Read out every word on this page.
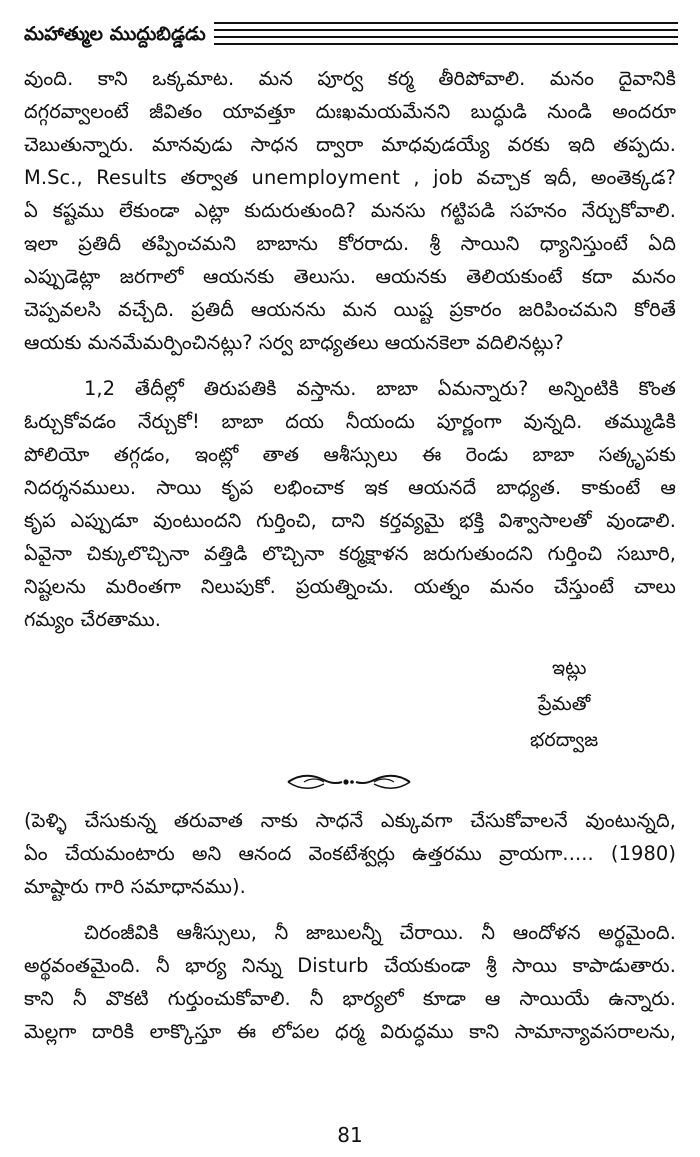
మహాత్ముల ముద్దుబిడ్డడు

వుంది. కాని ఒక్కమాట. మన పూర్వ కర్మ తీరిపోవాలి. మనం దైవానికి
దగ్గరవ్వాలంటే జీవితం యావత్తూ దుఃఖమయమేనని బుద్ధుడి నుండి అందరూ
చెబుతున్నారు. మానవుడు సాధన ద్వారా మాధవుడయ్యే వరకు ఇది తప్పదు.
M.Sc., Results తర్వాత unemployment , job వచ్చాక ఇదీ, అంతెక్కడ?
ఏ కష్టము లేకుండా ఎట్లా కుదురుతుంది? మనసు గట్టిపడి సహనం నేర్చుకోవాలి.
ఇలా ప్రతిదీ తప్పించమని బాబాను కోరరాదు. శ్రీ సాయిని ధ్యానిస్తుంటే ఏది
ఎప్పుడెట్లా జరగాలో ఆయనకు తెలుసు. ఆయనకు తెలియకుంటే కదా మనం
చెప్పవలసి వచ్చేది. ప్రతిదీ ఆయనను మన యిష్ట ప్రకారం జరిపించమని కోరితే
ఆయకు మనమేమర్పించినట్లు? సర్వ బాధ్యతలు ఆయనకెలా వదిలినట్లు?

1,2 తేదీల్లో తిరుపతికి వస్తాను. బాబా ఏమన్నారు? అన్నింటికి కొంత
ఓర్చుకోవడం నేర్చుకో! బాబా దయ నీయందు పూర్ణంగా వున్నది. తమ్ముడికి
పోలియో తగ్గడం, ఇంట్లో తాత ఆశీస్సులు ఈ రెండు బాబా సత్కృపకు
నిదర్శనములు. సాయి కృప లభించాక ఇక ఆయనదే బాధ్యత. కాకుంటే ఆ
కృప ఎప్పుడూ వుంటుందని గుర్తించి, దాని కర్తవ్యమై భక్తి విశ్వాసాలతో వుండాలి.
ఏవైనా చిక్కులొచ్చినా వత్తిడి లొచ్చినా కర్మక్షాళన జరుగుతుందని గుర్తించి సబూరి,
నిష్టలను మరింతగా నిలుపుకో. ప్రయత్నించు. యత్నం మనం చేస్తుంటే చాలు
గమ్యం చేరతాము.

ఇట్లు
ప్రేమతో
భరద్వాజ

(పెళ్ళి చేసుకున్న తరువాత నాకు సాధనే ఎక్కువగా చేసుకోవాలనే వుంటున్నది,
ఏం చేయమంటారు అని ఆనంద వెంకటేశ్వర్లు ఉత్తరము వ్రాయగా..... (1980)
మాష్టారు గారి సమాధానము).

చిరంజీవికి ఆశీస్సులు, నీ జాబులన్నీ చేరాయి. నీ ఆందోళన అర్థమైంది.
అర్థవంతమైంది. నీ భార్య నిన్ను Disturb చేయకుండా శ్రీ సాయి కాపాడుతారు.
కాని నీ వొకటి గుర్తుంచుకోవాలి. నీ భార్యలో కూడా ఆ సాయియే ఉన్నారు.
మెల్లగా దారికి లాక్కొస్తూ ఈ లోపల ధర్మ విరుద్ధము కాని సామాన్యావసరాలను,

81
